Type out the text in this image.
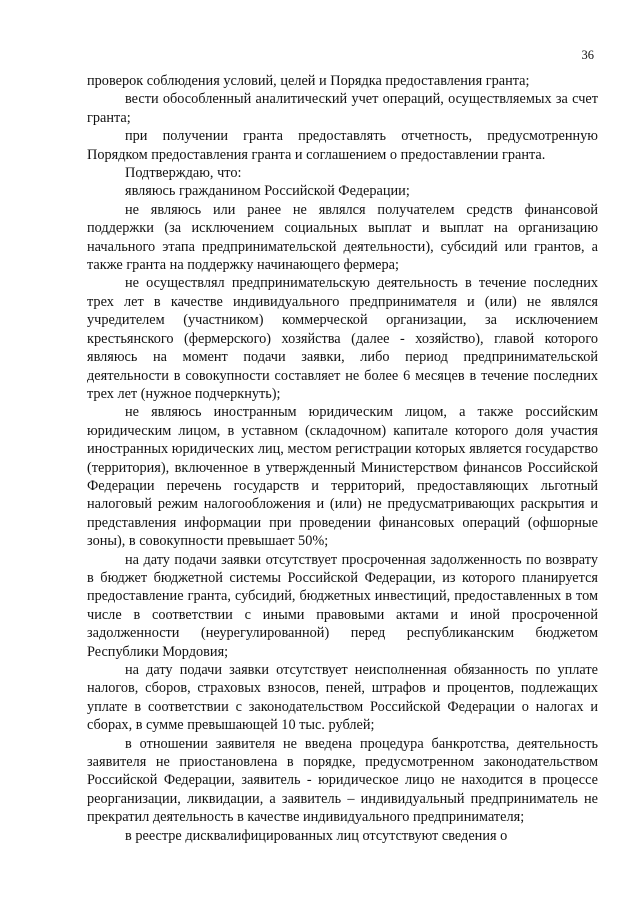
36

проверок соблюдения условий, целей и Порядка предоставления гранта;

вести обособленный аналитический учет операций, осуществляемых за счет гранта;

при получении гранта предоставлять отчетность, предусмотренную Порядком предоставления гранта и соглашением о предоставлении гранта.

Подтверждаю, что:

являюсь гражданином Российской Федерации;

не являюсь или ранее не являлся получателем средств финансовой поддержки (за исключением социальных выплат и выплат на организацию начального этапа предпринимательской деятельности), субсидий или грантов, а также гранта на поддержку начинающего фермера;

не осуществлял предпринимательскую деятельность в течение последних трех лет в качестве индивидуального предпринимателя и (или) не являлся учредителем (участником) коммерческой организации, за исключением крестьянского (фермерского) хозяйства (далее - хозяйство), главой которого являюсь на момент подачи заявки, либо период предпринимательской деятельности в совокупности составляет не более 6 месяцев в течение последних трех лет (нужное подчеркнуть);

не являюсь иностранным юридическим лицом, а также российским юридическим лицом, в уставном (складочном) капитале которого доля участия иностранных юридических лиц, местом регистрации которых является государство (территория), включенное в утвержденный Министерством финансов Российской Федерации перечень государств и территорий, предоставляющих льготный налоговый режим налогообложения и (или) не предусматривающих раскрытия и представления информации при проведении финансовых операций (офшорные зоны), в совокупности превышает 50%;

на дату подачи заявки отсутствует просроченная задолженность по возврату в бюджет бюджетной системы Российской Федерации, из которого планируется предоставление гранта, субсидий, бюджетных инвестиций, предоставленных в том числе в соответствии с иными правовыми актами и иной просроченной задолженности (неурегулированной) перед республиканским бюджетом Республики Мордовия;

на дату подачи заявки отсутствует неисполненная обязанность по уплате налогов, сборов, страховых взносов, пеней, штрафов и процентов, подлежащих уплате в соответствии с законодательством Российской Федерации о налогах и сборах, в сумме превышающей 10 тыс. рублей;

в отношении заявителя не введена процедура банкротства, деятельность заявителя не приостановлена в порядке, предусмотренном законодательством Российской Федерации, заявитель - юридическое лицо не находится в процессе реорганизации, ликвидации, а заявитель – индивидуальный предприниматель не прекратил деятельность в качестве индивидуального предпринимателя;

в реестре дисквалифицированных лиц отсутствуют сведения о
